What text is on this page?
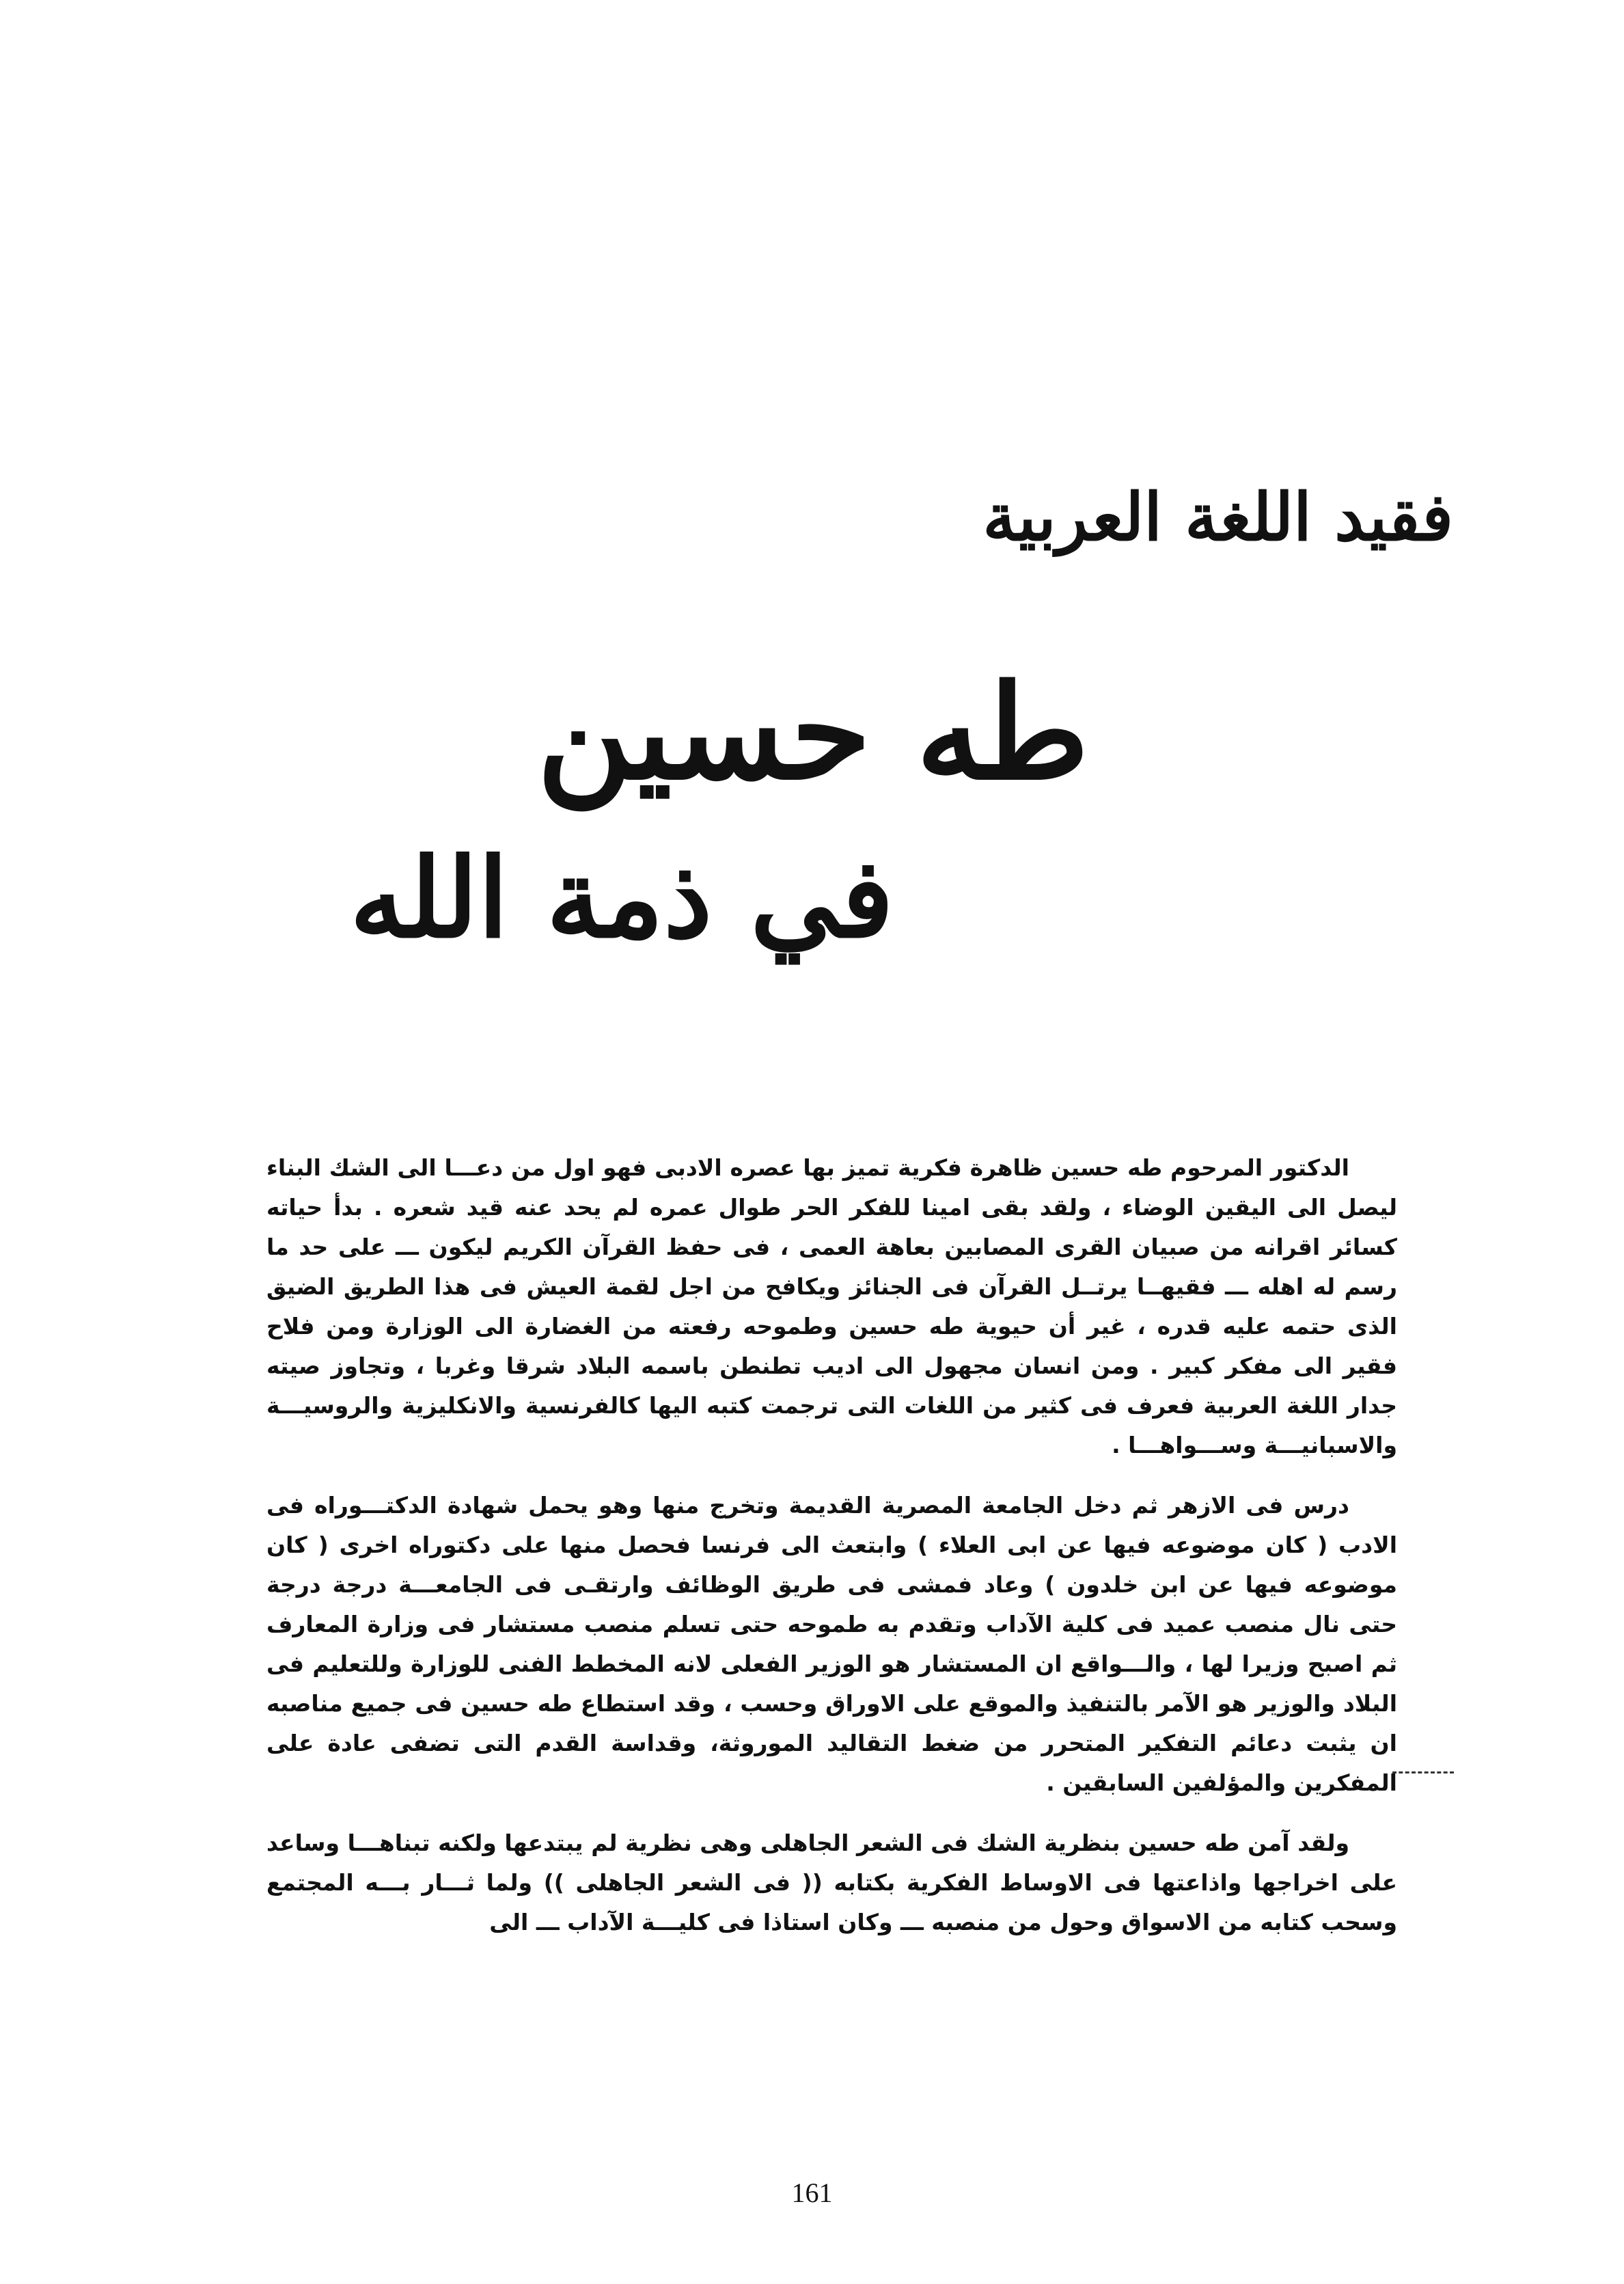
فقيد اللغة العربية
طه حسين
في ذمة الله

الدكتور المرحوم طه حسين ظاهرة فكرية تميز بها عصره الادبى فهو اول من دعـــا الى الشك البناء ليصل الى اليقين الوضاء ، ولقد بقى امينا للفكر الحر طوال عمره لم يحد عنه قيد شعره . بدأ حياته كسائر اقرانه من صبيان القرى المصابين بعاهة العمى ، فى حفظ القرآن الكريم ليكون ـــ على حد ما رسم له اهله ـــ فقيهــا يرتــل القرآن فى الجنائز ويكافح من اجل لقمة العيش فى هذا الطريق الضيق الذى حتمه عليه قدره ، غير أن حيوية طه حسين وطموحه رفعته من الغضارة الى الوزارة ومن فلاح فقير الى مفكر كبير . ومن انسان مجهول الى اديب تطنطن باسمه البلاد شرقا وغربا ، وتجاوز صيته جدار اللغة العربية فعرف فى كثير من اللغات التى ترجمت كتبه اليها كالفرنسية والانكليزية والروسيـــة والاسبانيـــة وســـواهـــا .

درس فى الازهر ثم دخل الجامعة المصرية القديمة وتخرج منها وهو يحمل شهادة الدكتـــوراه فى الادب ( كان موضوعه فيها عن ابى العلاء ) وابتعث الى فرنسا فحصل منها على دكتوراه اخرى ( كان موضوعه فيها عن ابن خلدون ) وعاد فمشى فى طريق الوظائف وارتقـى فى الجامعـــة درجة درجة حتى نال منصب عميد فى كلية الآداب وتقدم به طموحه حتى تسلم منصب مستشار فى وزارة المعارف ثم اصبح وزيرا لها ، والـــواقع ان المستشار هو الوزير الفعلى لانه المخطط الفنى للوزارة وللتعليم فى البلاد والوزير هو الآمر بالتنفيذ والموقع على الاوراق وحسب ، وقد استطاع طه حسين فى جميع مناصبه ان يثبت دعائم التفكير المتحرر من ضغط التقاليد الموروثة، وقداسة القدم التى تضفى عادة على المفكرين والمؤلفين السابقين .

ولقد آمن طه حسين بنظرية الشك فى الشعر الجاهلى وهى نظرية لم يبتدعها ولكنه تبناهـــا وساعد على اخراجها واذاعتها فى الاوساط الفكرية بكتابه (( فى الشعر الجاهلى )) ولما ثـــار بـــه المجتمع وسحب كتابه من الاسواق وحول من منصبه ـــ وكان استاذا فى كليـــة الآداب ـــ الى

161
